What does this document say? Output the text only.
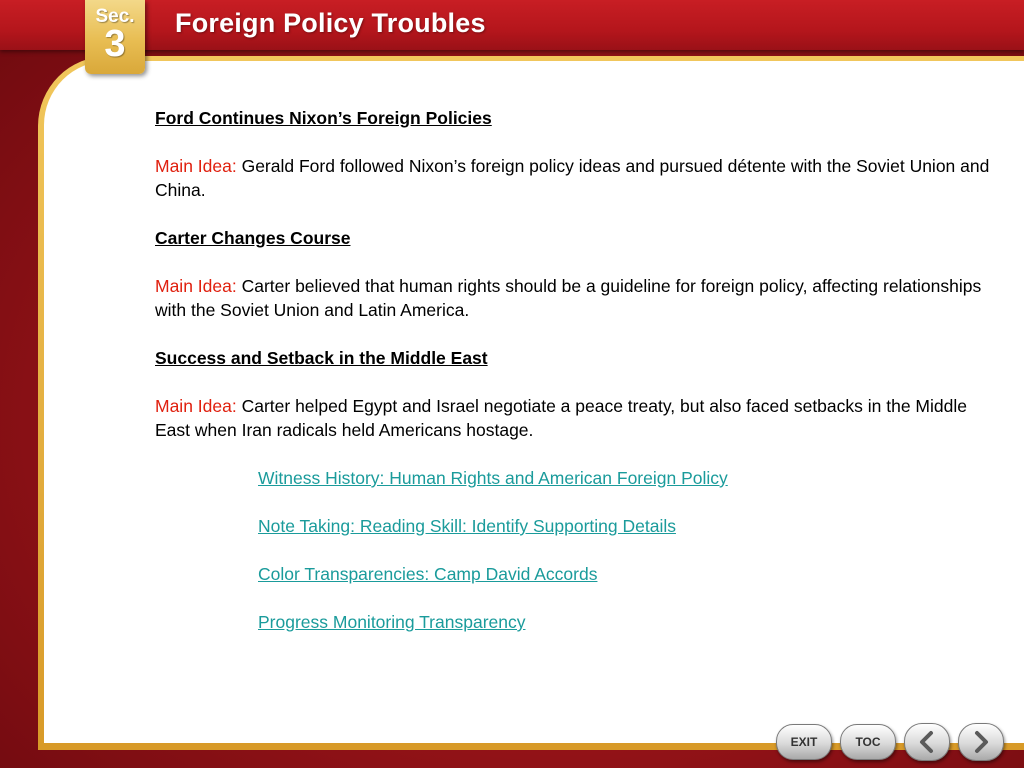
Foreign Policy Troubles
Sec.
3
Ford Continues Nixon’s Foreign Policies

Main Idea: Gerald Ford followed Nixon’s foreign policy ideas and pursued détente with the Soviet Union and China.

Carter Changes Course

Main Idea: Carter believed that human rights should be a guideline for foreign policy, affecting relationships with the Soviet Union and Latin America.

Success and Setback in the Middle East

Main Idea: Carter helped Egypt and Israel negotiate a peace treaty, but also faced setbacks in the Middle East when Iran radicals held Americans hostage.

Witness History: Human Rights and American Foreign Policy
Note Taking: Reading Skill: Identify Supporting Details
Color Transparencies: Camp David Accords
Progress Monitoring Transparency
EXIT	TOC
